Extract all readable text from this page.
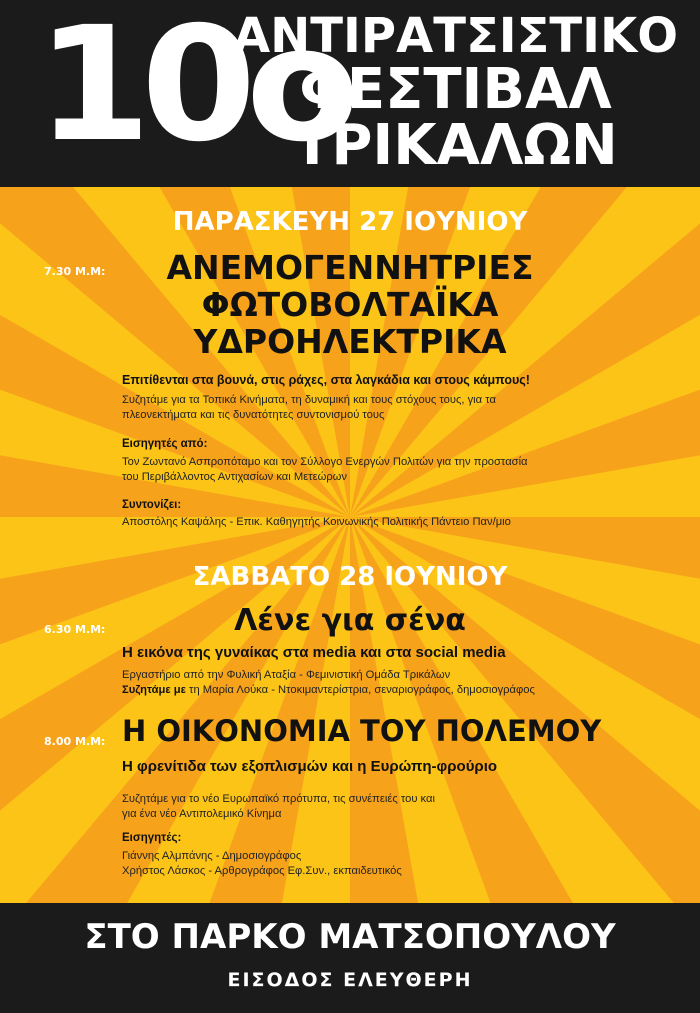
10ο
ΑΝΤΙΡΑΤΣΙΣΤΙΚΟ
ΦΕΣΤΙΒΑΛ
ΤΡΙΚΑΛΩΝ
ΠΑΡΑΣΚΕΥΗ 27 ΙΟΥΝΙΟΥ
7.30 Μ.Μ:	ΑΝΕΜΟΓΕΝΝΗΤΡΙΕΣ
ΦΩΤΟΒΟΛΤΑΪΚΑ
ΥΔΡΟΗΛΕΚΤΡΙΚΑ
Επιτίθενται στα βουνά, στις ράχες, στα λαγκάδια και στους κάμπους!
Συζητάμε για τα Τοπικά Κινήματα, τη δυναμική και τους στόχους τους, για τα
πλεονεκτήματα και τις δυνατότητες συντονισμού τους
Εισηγητές από:
Τον Ζωντανό Ασπροπόταμο και τον Σύλλογο Ενεργών Πολιτών για την προστασία
του Περιβάλλοντος Αντιχασίων και Μετεώρων
Συντονίζει:
Αποστόλης Καψάλης - Επικ. Καθηγητής Κοινωνικής Πολιτικής Πάντειο Παν/μιο
ΣΑΒΒΑΤΟ 28 ΙΟΥΝΙΟΥ
6.30 Μ.Μ:	Λένε για σένα
Η εικόνα της γυναίκας στα media και στα social media
Εργαστήριο από την Φυλική Αταξία - Φεμινιστική Ομάδα Τρικάλων
Συζητάμε με τη Μαρία Λούκα - Ντοκιμαντερίστρια, σεναριογράφος, δημοσιογράφος
8.00 Μ.Μ: Η ΟΙΚΟΝΟΜΙΑ ΤΟΥ ΠΟΛΕΜΟΥ
Η φρενίτιδα των εξοπλισμών και η Ευρώπη-φρούριο
Συζητάμε για το νέο Ευρωπαϊκό πρότυπα, τις συνέπειές του και
για ένα νέο Αντιπολεμικό Κίνημα
Εισηγητές:
Γιάννης Αλμπάνης - Δημοσιογράφος
Χρήστος Λάσκος - Αρθρογράφος Εφ.Συν., εκπαιδευτικός
ΣΤΟ ΠΑΡΚΟ ΜΑΤΣΟΠΟΥΛΟΥ
ΕΙΣΟΔΟΣ ΕΛΕΥΘΕΡΗ
